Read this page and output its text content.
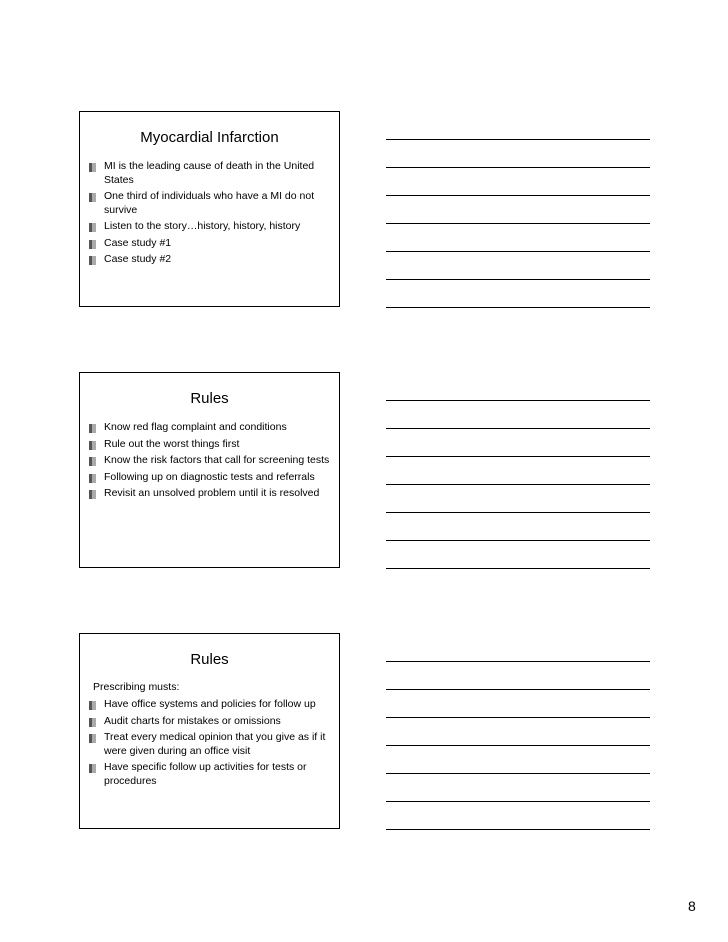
Myocardial Infarction
MI is the leading cause of death in the United States
One third of individuals who have a MI do not survive
Listen to the story…history, history, history
Case study #1
Case study #2
Rules
Know red flag complaint and conditions
Rule out the worst things first
Know the risk factors that call for screening tests
Following up on diagnostic tests and referrals
Revisit an unsolved problem until it is resolved
Rules
Prescribing musts:
Have office systems and policies for follow up
Audit charts for mistakes or omissions
Treat every medical opinion that you give as if it were given during an office visit
Have specific follow up activities for tests or procedures
8
